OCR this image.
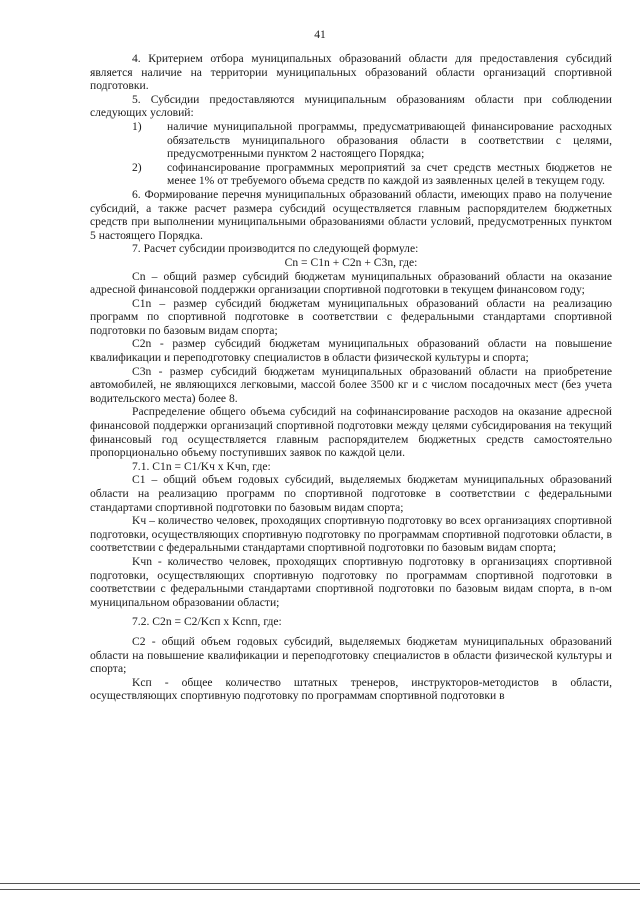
41

4. Критерием отбора муниципальных образований области для предоставления субсидий является наличие на территории муниципальных образований области организаций спортивной подготовки.

5. Субсидии предоставляются муниципальным образованиям области при соблюдении следующих условий:

1)	наличие муниципальной программы, предусматривающей финансирование расходных обязательств муниципального образования области в соответствии с целями, предусмотренными пунктом 2 настоящего Порядка;
2)	софинансирование программных мероприятий за счет средств местных бюджетов не менее 1% от требуемого объема средств по каждой из заявленных целей в текущем году.

6. Формирование перечня муниципальных образований области, имеющих право на получение субсидий, а также расчет размера субсидий осуществляется главным распорядителем бюджетных средств при выполнении муниципальными образованиями области условий, предусмотренных пунктом 5 настоящего Порядка.

7. Расчет субсидии производится по следующей формуле:

Cn = C1n + C2n + C3n, где:

Cn – общий размер субсидий бюджетам муниципальных образований области на оказание адресной финансовой поддержки организации спортивной подготовки в текущем финансовом году;

C1n – размер субсидий бюджетам муниципальных образований области на реализацию программ по спортивной подготовке в соответствии с федеральными стандартами спортивной подготовки по базовым видам спорта;

C2n - размер субсидий бюджетам муниципальных образований области на повышение квалификации и переподготовку специалистов в области физической культуры и спорта;

C3n - размер субсидий бюджетам муниципальных образований области на приобретение автомобилей, не являющихся легковыми, массой более 3500 кг и с числом посадочных мест (без учета водительского места) более 8.

Распределение общего объема субсидий на софинансирование расходов на оказание адресной финансовой поддержки организаций спортивной подготовки между целями субсидирования на текущий финансовый год осуществляется главным распорядителем бюджетных средств самостоятельно пропорционально объему поступивших заявок по каждой цели.

7.1. C1n = C1/Kч x Kчn, где:

C1 – общий объем годовых субсидий, выделяемых бюджетам муниципальных образований области на реализацию программ по спортивной подготовке в соответствии с федеральными стандартами спортивной подготовки по базовым видам спорта;

Kч – количество человек, проходящих спортивную подготовку во всех организациях спортивной подготовки, осуществляющих спортивную подготовку по программам спортивной подготовки области, в соответствии с федеральными стандартами спортивной подготовки по базовым видам спорта;

Kчn - количество человек, проходящих спортивную подготовку в организациях спортивной подготовки, осуществляющих спортивную подготовку по программам спортивной подготовки в соответствии с федеральными стандартами спортивной подготовки по базовым видам спорта, в n-ом муниципальном образовании области;

7.2. C2n = C2/Kсп x Kсnп, где:

C2 - общий объем годовых субсидий, выделяемых бюджетам муниципальных образований области на повышение квалификации и переподготовку специалистов в области физической культуры и спорта;

Kсп - общее количество штатных тренеров, инструкторов-методистов в области, осуществляющих спортивную подготовку по программам спортивной подготовки в
